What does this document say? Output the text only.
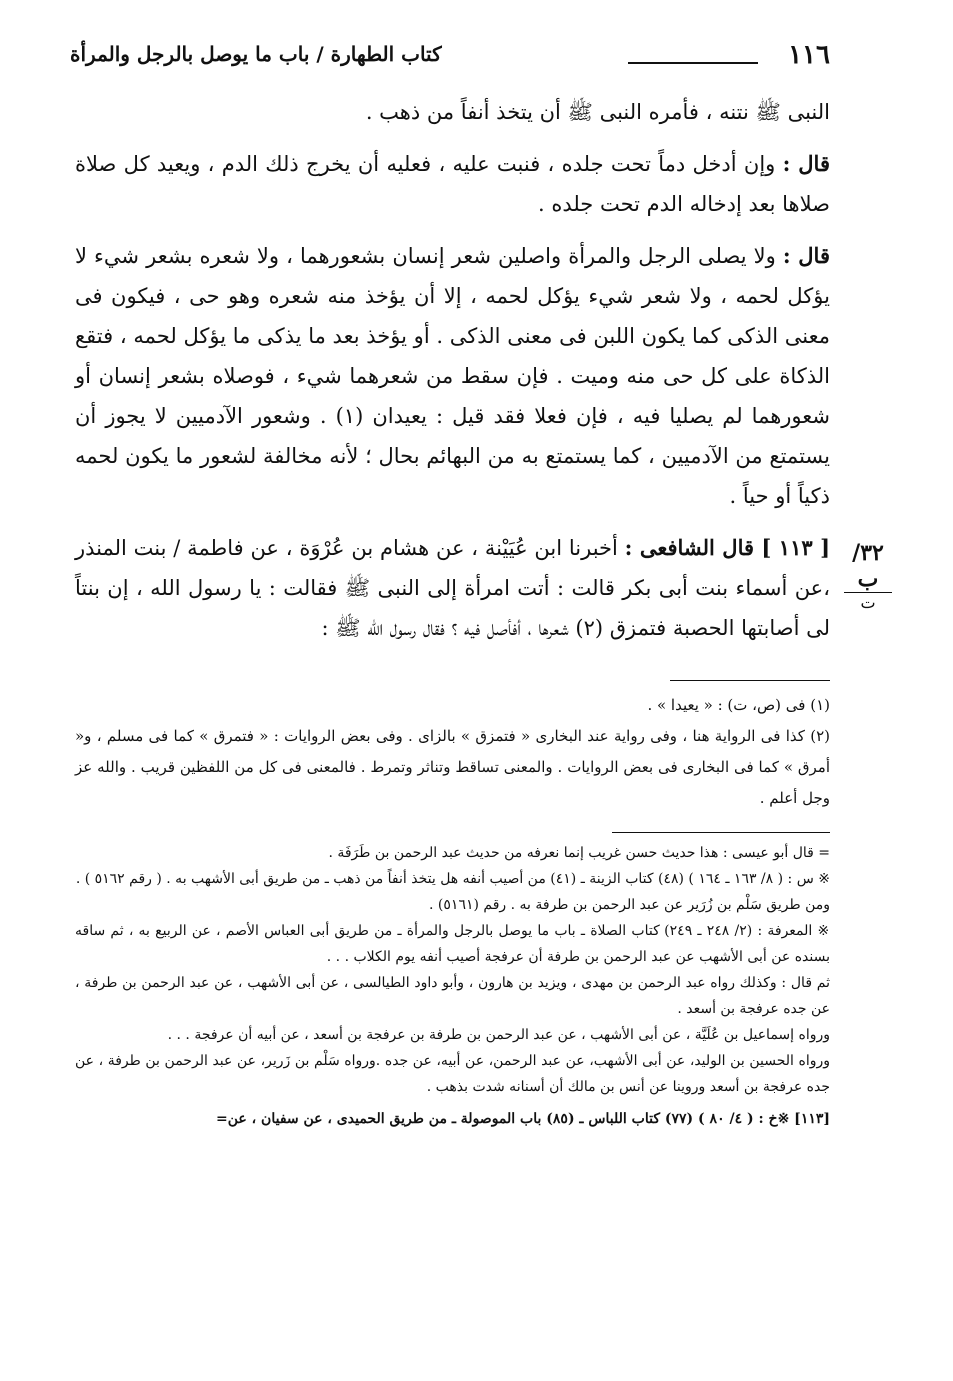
١١٦
كتاب الطهارة / باب ما يوصل بالرجل والمرأة
٣٢/ ب
ت

النبى ﷺ نتنه ، فأمره النبى ﷺ أن يتخذ أنفاً من ذهب .

قال : وإن أدخل دماً تحت جلده ، فنبت عليه ، فعليه أن يخرج ذلك الدم ، ويعيد كل صلاة صلاها بعد إدخاله الدم تحت جلده .

قال : ولا يصلى الرجل والمرأة واصلين شعر إنسان بشعورهما ، ولا شعره بشعر شيء لا يؤكل لحمه ، ولا شعر شيء يؤكل لحمه ، إلا أن يؤخذ منه شعره وهو حى ، فيكون فى معنى الذكى كما يكون اللبن فى معنى الذكى . أو يؤخذ بعد ما يذكى ما يؤكل لحمه ، فتقع الذكاة على كل حى منه وميت . فإن سقط من شعرهما شيء ، فوصلاه بشعر إنسان أو شعورهما لم يصليا فيه ، فإن فعلا فقد قيل : يعيدان (١) . وشعور الآدميين لا يجوز أن يستمتع من الآدميين ، كما يستمتع به من البهائم بحال ؛ لأنه مخالفة لشعور ما يكون لحمه ذكياً أو حياً .

[ ١١٣ ] قال الشافعى : أخبرنا ابن عُيَيْنة ، عن هشام بن عُرْوَة ، عن فاطمة / بنت المنذر ،عن أسماء بنت أبى بكر قالت : أتت امرأة إلى النبى ﷺ فقالت : يا رسول الله ، إن بنتاً لى أصابتها الحصبة فتمزق (٢) شعرها ، أفأصل فيه ؟ فقال رسول الله ﷺ :

(١) فى (ص، ت) : « يعيدا » .

(٢) كذا فى الرواية هنا ، وفى رواية عند البخارى « فتمزق » بالزاى . وفى بعض الروايات : « فتمرق » كما فى مسلم ، و« أمرق » كما فى البخارى فى بعض الروايات . والمعنى تساقط وتناثر وتمرط . فالمعنى فى كل من اللفظين قريب . والله عز وجل أعلم .

= قال أبو عيسى : هذا حديث حسن غريب إنما نعرفه من حديث عبد الرحمن بن طَرَفَة .

※ س : ( ٨/ ١٦٣ ـ ١٦٤ ) (٤٨) كتاب الزينة ـ (٤١) من أصيب أنفه هل يتخذ أنفاً من ذهب ـ من طريق أبى الأشهب به . ( رقم ٥١٦٢ ) .

ومن طريق سَلْم بن زُرَير عن عبد الرحمن بن طرفة به . رقم (٥١٦١) .

※ المعرفة : (٢/ ٢٤٨ ـ ٢٤٩) كتاب الصلاة ـ باب ما يوصل بالرجل والمرأة ـ من طريق أبى العباس الأصم ، عن الربيع به ، ثم ساقه بسنده عن أبى الأشهب عن عبد الرحمن بن طرفة أن عرفجة أصيب أنفه يوم الكلاب . . .

ثم قال : وكذلك رواه عبد الرحمن بن مهدى ، ويزيد بن هارون ، وأبو داود الطيالسى ، عن أبى الأشهب ، عن عبد الرحمن بن طرفة ، عن جده عرفجة بن أسعد .

ورواه إسماعيل بن عُلَيَّة ، عن أبى الأشهب ، عن عبد الرحمن بن طرفة بن عرفجة بن أسعد ، عن أبيه أن عرفجة . . .

ورواه الحسين بن الوليد، عن أبى الأشهب، عن عبد الرحمن، عن أبيه، عن جده .ورواه سَلْم بن زَرير، عن عبد الرحمن بن طرفة ، عن جده عرفجة بن أسعد وروينا عن أنس بن مالك أن أسنانه شدت بذهب .

[١١٣] ※خ : ( ٤/ ٨٠ ) (٧٧) كتاب اللباس ـ (٨٥) باب الموصولة ـ من طريق الحميدى ، عن سفيان ، عن=
